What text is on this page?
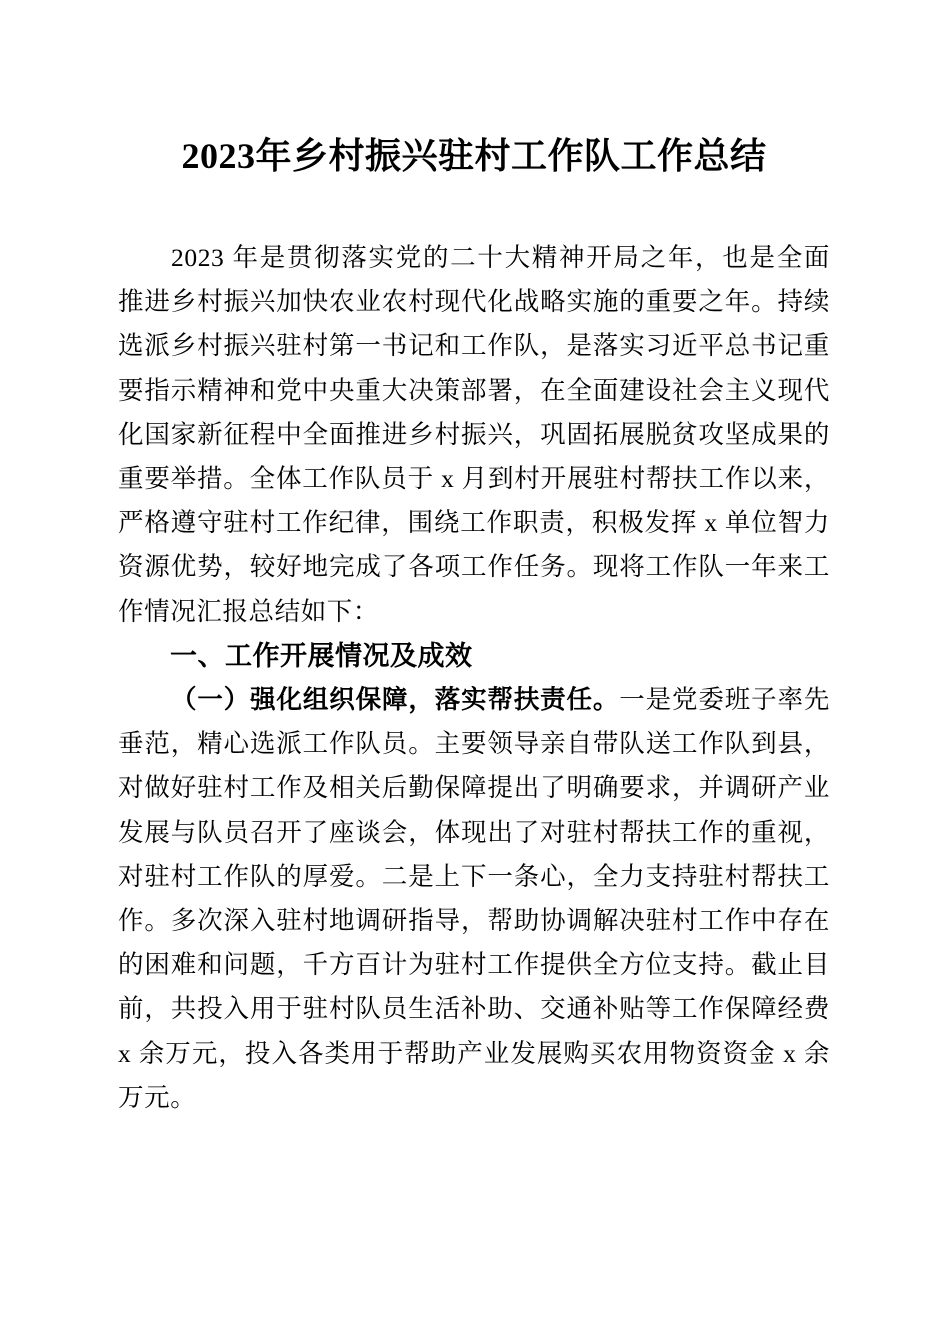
2023年乡村振兴驻村工作队工作总结

2023 年是贯彻落实党的二十大精神开局之年，也是全面推进乡村振兴加快农业农村现代化战略实施的重要之年。持续选派乡村振兴驻村第一书记和工作队，是落实习近平总书记重要指示精神和党中央重大决策部署，在全面建设社会主义现代化国家新征程中全面推进乡村振兴，巩固拓展脱贫攻坚成果的重要举措。全体工作队员于 x 月到村开展驻村帮扶工作以来，严格遵守驻村工作纪律，围绕工作职责，积极发挥 x 单位智力资源优势，较好地完成了各项工作任务。现将工作队一年来工作情况汇报总结如下：

一、工作开展情况及成效

（一）强化组织保障，落实帮扶责任。一是党委班子率先垂范，精心选派工作队员。主要领导亲自带队送工作队到县，对做好驻村工作及相关后勤保障提出了明确要求，并调研产业发展与队员召开了座谈会，体现出了对驻村帮扶工作的重视，对驻村工作队的厚爱。二是上下一条心，全力支持驻村帮扶工作。多次深入驻村地调研指导，帮助协调解决驻村工作中存在的困难和问题，千方百计为驻村工作提供全方位支持。截止目前，共投入用于驻村队员生活补助、交通补贴等工作保障经费 x 余万元，投入各类用于帮助产业发展购买农用物资资金 x 余万元。
